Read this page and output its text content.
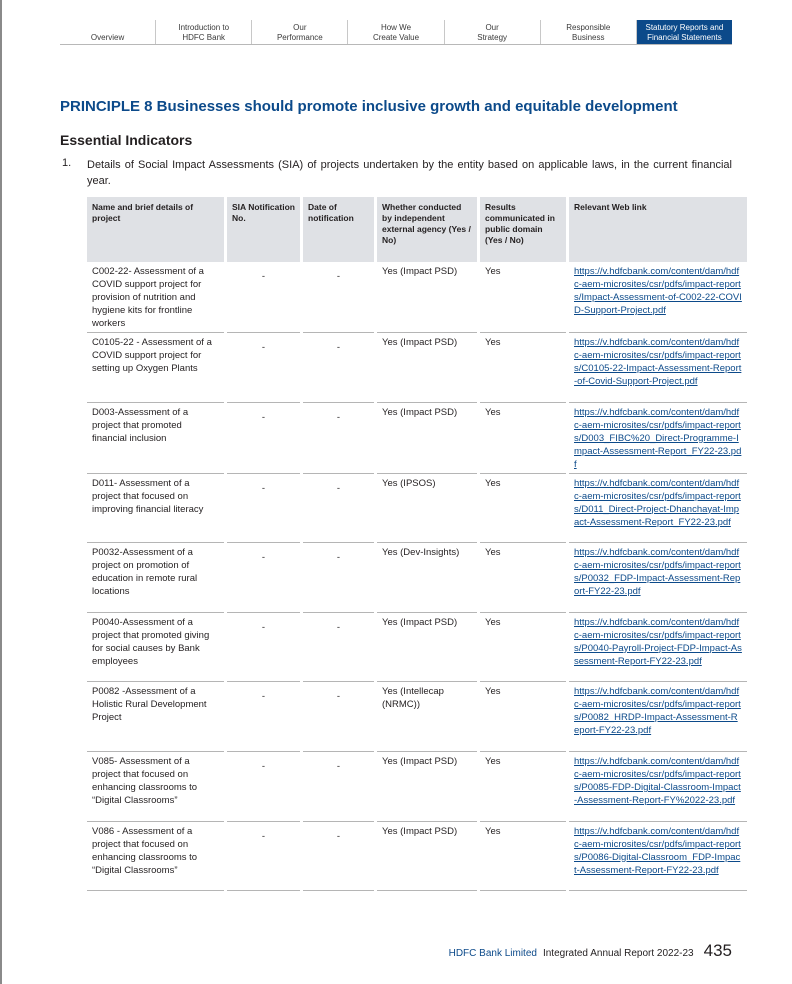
Overview
Introduction to
HDFC Bank
Our
Performance
How We
Create Value
Our
Strategy
Responsible
Business
Statutory Reports and
Financial Statements
PRINCIPLE 8 Businesses should promote inclusive growth and equitable development
Essential Indicators
1. Details of Social Impact Assessments (SIA) of projects undertaken by the entity based on applicable laws, in the current financial year.

Name and brief details of project	SIA Notification No.	Date of notification	Whether conducted by independent external agency (Yes / No)	Results communicated in public domain (Yes / No)	Relevant Web link
C002-22- Assessment of a COVID support project for provision of nutrition and hygiene kits for frontline workers	-	-	Yes (Impact PSD)	Yes	https://v.hdfcbank.com/content/dam/hdfc-aem-microsites/csr/pdfs/impact-reports/Impact-Assessment-of-C002-22-COVID-Support-Project.pdf
C0105-22 - Assessment of a COVID support project for setting up Oxygen Plants	-	-	Yes (Impact PSD)	Yes	https://v.hdfcbank.com/content/dam/hdfc-aem-microsites/csr/pdfs/impact-reports/C0105-22-Impact-Assessment-Report-of-Covid-Support-Project.pdf
D003-Assessment of a project that promoted financial inclusion	-	-	Yes (Impact PSD)	Yes	https://v.hdfcbank.com/content/dam/hdfc-aem-microsites/csr/pdfs/impact-reports/D003_FIBC%20_Direct-Programme-Impact-Assessment-Report_FY22-23.pdf
D011- Assessment of a project that focused on improving financial literacy	-	-	Yes (IPSOS)	Yes	https://v.hdfcbank.com/content/dam/hdfc-aem-microsites/csr/pdfs/impact-reports/D011_Direct-Project-Dhanchayat-Impact-Assessment-Report_FY22-23.pdf
P0032-Assessment of a project on promotion of education in remote rural locations	-	-	Yes (Dev-Insights)	Yes	https://v.hdfcbank.com/content/dam/hdfc-aem-microsites/csr/pdfs/impact-reports/P0032_FDP-Impact-Assessment-Report-FY22-23.pdf
P0040-Assessment of a project that promoted giving for social causes by Bank employees	-	-	Yes (Impact PSD)	Yes	https://v.hdfcbank.com/content/dam/hdfc-aem-microsites/csr/pdfs/impact-reports/P0040-Payroll-Project-FDP-Impact-Assessment-Report-FY22-23.pdf
P0082 -Assessment of a Holistic Rural Development Project	-	-	Yes (Intellecap (NRMC))	Yes	https://v.hdfcbank.com/content/dam/hdfc-aem-microsites/csr/pdfs/impact-reports/P0082_HRDP-Impact-Assessment-Report-FY22-23.pdf
V085- Assessment of a project that focused on enhancing classrooms to “Digital Classrooms”	-	-	Yes (Impact PSD)	Yes	https://v.hdfcbank.com/content/dam/hdfc-aem-microsites/csr/pdfs/impact-reports/P0085-FDP-Digital-Classroom-Impact-Assessment-Report-FY%2022-23.pdf
V086 - Assessment of a project that focused on enhancing classrooms to “Digital Classrooms”	-	-	Yes (Impact PSD)	Yes	https://v.hdfcbank.com/content/dam/hdfc-aem-microsites/csr/pdfs/impact-reports/P0086-Digital-Classroom_FDP-Impact-Assessment-Report-FY22-23.pdf
HDFC Bank Limited Integrated Annual Report 2022-23 435
